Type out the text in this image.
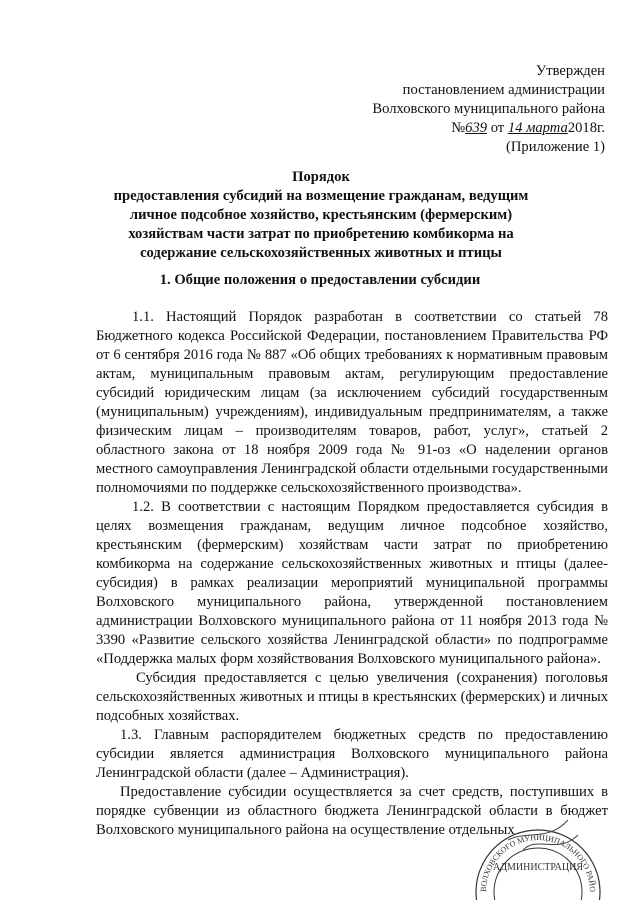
Утвержден
постановлением администрации
Волховского муниципального района
№639 от 14 марта2018г.
(Приложение 1)
Порядок
предоставления субсидий на возмещение гражданам, ведущим личное подсобное хозяйство, крестьянским (фермерским) хозяйствам части затрат по приобретению комбикорма на содержание сельскохозяйственных животных и птицы
1. Общие положения о предоставлении субсидии

1.1. Настоящий Порядок разработан в соответствии со статьей 78 Бюджетного кодекса Российской Федерации, постановлением Правительства РФ от 6 сентября 2016 года № 887 «Об общих требованиях к нормативным правовым актам, муниципальным правовым актам, регулирующим предоставление субсидий юридическим лицам (за исключением субсидий государственным (муниципальным) учреждениям), индивидуальным предпринимателям, а также физическим лицам – производителям товаров, работ, услуг», статьей 2 областного закона от 18 ноября 2009 года № 91-оз «О наделении органов местного самоуправления Ленинградской области отдельными государственными полномочиями по поддержке сельскохозяйственного производства».

1.2. В соответствии с настоящим Порядком предоставляется субсидия в целях возмещения гражданам, ведущим личное подсобное хозяйство, крестьянским (фермерским) хозяйствам части затрат по приобретению комбикорма на содержание сельскохозяйственных животных и птицы (далее-субсидия) в рамках реализации мероприятий муниципальной программы Волховского муниципального района, утвержденной постановлением администрации Волховского муниципального района от 11 ноября 2013 года № 3390 «Развитие сельского хозяйства Ленинградской области» по подпрограмме «Поддержка малых форм хозяйствования Волховского муниципального района».

Субсидия предоставляется с целью увеличения (сохранения) поголовья сельскохозяйственных животных и птицы в крестьянских (фермерских) и личных подсобных хозяйствах.

1.3. Главным распорядителем бюджетных средств по предоставлению субсидии является администрация Волховского муниципального района Ленинградской области (далее – Администрация).

Предоставление субсидии осуществляется за счет средств, поступивших в порядке субвенции из областного бюджета Ленинградской области в бюджет Волховского муниципального района на осуществление отдельных

ВОЛХОВСКОГО МУНИЦИПАЛЬНОГО РАЙО
АДМИНИСТРАЦИЯ
